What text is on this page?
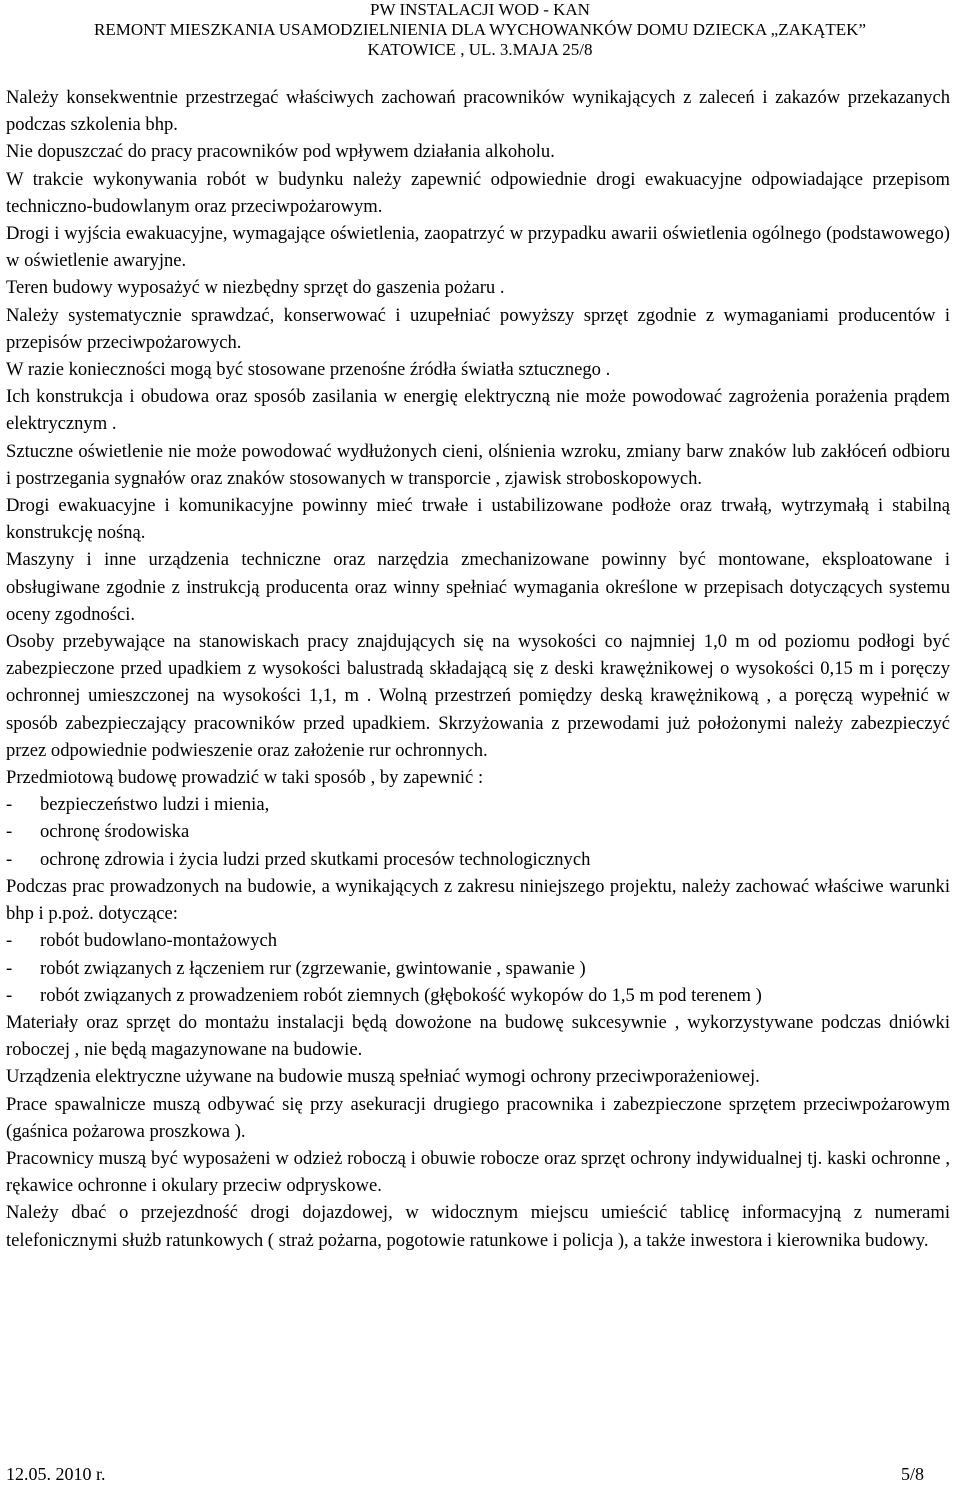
PW INSTALACJI WOD - KAN
REMONT MIESZKANIA USAMODZIELNIENIA DLA WYCHOWANKÓW DOMU DZIECKA „ZAKĄTEK”
KATOWICE , UL. 3.MAJA 25/8

Należy konsekwentnie przestrzegać właściwych zachowań pracowników wynikających z zaleceń i zakazów przekazanych podczas szkolenia bhp.

Nie dopuszczać do pracy pracowników pod wpływem działania alkoholu.

W trakcie wykonywania robót w budynku należy zapewnić odpowiednie drogi ewakuacyjne odpowiadające przepisom techniczno-budowlanym oraz przeciwpożarowym.

Drogi i wyjścia ewakuacyjne, wymagające oświetlenia, zaopatrzyć w przypadku awarii oświetlenia ogólnego (podstawowego) w oświetlenie awaryjne.

Teren budowy wyposażyć w niezbędny sprzęt do gaszenia pożaru .

Należy systematycznie sprawdzać, konserwować i uzupełniać powyższy sprzęt zgodnie z wymaganiami producentów i przepisów przeciwpożarowych.

W razie konieczności mogą być stosowane przenośne źródła światła sztucznego .

Ich konstrukcja i obudowa oraz sposób zasilania w energię elektryczną nie może powodować zagrożenia porażenia prądem elektrycznym .

Sztuczne oświetlenie nie może powodować wydłużonych cieni, olśnienia wzroku, zmiany barw znaków lub zakłóceń odbioru i postrzegania sygnałów oraz znaków stosowanych w transporcie , zjawisk stroboskopowych.

Drogi ewakuacyjne i komunikacyjne powinny mieć trwałe i ustabilizowane podłoże oraz trwałą, wytrzymałą i stabilną konstrukcję nośną.

Maszyny i inne urządzenia techniczne oraz narzędzia zmechanizowane powinny być montowane, eksploatowane i obsługiwane zgodnie z instrukcją producenta oraz winny spełniać wymagania określone w przepisach dotyczących systemu oceny zgodności.

Osoby przebywające na stanowiskach pracy znajdujących się na wysokości co najmniej 1,0 m od poziomu podłogi być zabezpieczone przed upadkiem z wysokości balustradą składającą się z deski krawężnikowej o wysokości 0,15 m i poręczy ochronnej umieszczonej na wysokości 1,1, m . Wolną przestrzeń pomiędzy deską krawężnikową , a poręczą wypełnić w sposób zabezpieczający pracowników przed upadkiem. Skrzyżowania z przewodami już położonymi należy zabezpieczyć przez odpowiednie podwieszenie oraz założenie rur ochronnych.

Przedmiotową budowę prowadzić w taki sposób , by zapewnić :

-	bezpieczeństwo ludzi i mienia,
-	ochronę środowiska
-	ochronę zdrowia i życia ludzi przed skutkami procesów technologicznych

Podczas prac prowadzonych na budowie, a wynikających z zakresu niniejszego projektu, należy zachować właściwe warunki bhp i p.poż. dotyczące:

-	robót budowlano-montażowych
-	robót związanych z łączeniem rur (zgrzewanie, gwintowanie , spawanie )
-	robót związanych z prowadzeniem robót ziemnych (głębokość wykopów do 1,5 m pod terenem )

Materiały oraz sprzęt do montażu instalacji będą dowożone na budowę sukcesywnie , wykorzystywane podczas dniówki roboczej , nie będą magazynowane na budowie.

Urządzenia elektryczne używane na budowie muszą spełniać wymogi ochrony przeciwporażeniowej.

Prace spawalnicze muszą odbywać się przy asekuracji drugiego pracownika i zabezpieczone sprzętem przeciwpożarowym (gaśnica pożarowa proszkowa ).

Pracownicy muszą być wyposażeni w odzież roboczą i obuwie robocze oraz sprzęt ochrony indywidualnej tj. kaski ochronne , rękawice ochronne i okulary przeciw odpryskowe.

Należy dbać o przejezdność drogi dojazdowej, w widocznym miejscu umieścić tablicę informacyjną z numerami telefonicznymi służb ratunkowych ( straż pożarna, pogotowie ratunkowe i policja ), a także inwestora i kierownika budowy.

12.05. 2010 r.	5/8
